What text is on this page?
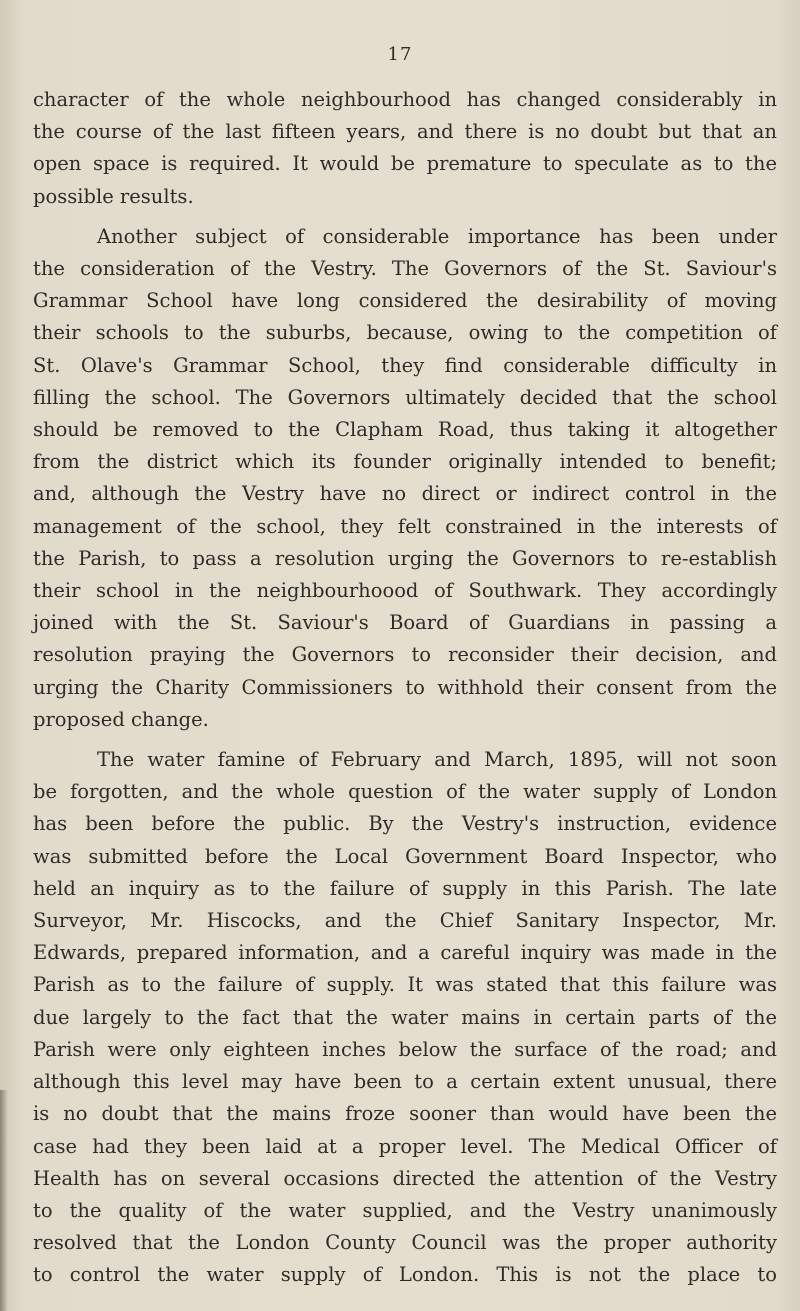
17

character of the whole neighbourhood has changed considerably in
the course of the last fifteen years, and there is no doubt but that an
open space is required. It would be premature to speculate as to the
possible results.

Another subject of considerable importance has been under
the consideration of the Vestry. The Governors of the St. Saviour's
Grammar School have long considered the desirability of moving
their schools to the suburbs, because, owing to the competition of
St. Olave's Grammar School, they find considerable difficulty in
filling the school. The Governors ultimately decided that the school
should be removed to the Clapham Road, thus taking it altogether
from the district which its founder originally intended to benefit;
and, although the Vestry have no direct or indirect control in the
management of the school, they felt constrained in the interests of
the Parish, to pass a resolution urging the Governors to re-establish
their school in the neighbourhoood of Southwark. They accordingly
joined with the St. Saviour's Board of Guardians in passing a
resolution praying the Governors to reconsider their decision, and
urging the Charity Commissioners to withhold their consent from the
proposed change.

The water famine of February and March, 1895, will not soon
be forgotten, and the whole question of the water supply of London
has been before the public. By the Vestry's instruction, evidence
was submitted before the Local Government Board Inspector, who
held an inquiry as to the failure of supply in this Parish. The late
Surveyor, Mr. Hiscocks, and the Chief Sanitary Inspector, Mr.
Edwards, prepared information, and a careful inquiry was made in the
Parish as to the failure of supply. It was stated that this failure was
due largely to the fact that the water mains in certain parts of the
Parish were only eighteen inches below the surface of the road; and
although this level may have been to a certain extent unusual, there
is no doubt that the mains froze sooner than would have been the
case had they been laid at a proper level. The Medical Officer of
Health has on several occasions directed the attention of the Vestry
to the quality of the water supplied, and the Vestry unanimously
resolved that the London County Council was the proper authority
to control the water supply of London. This is not the place to
